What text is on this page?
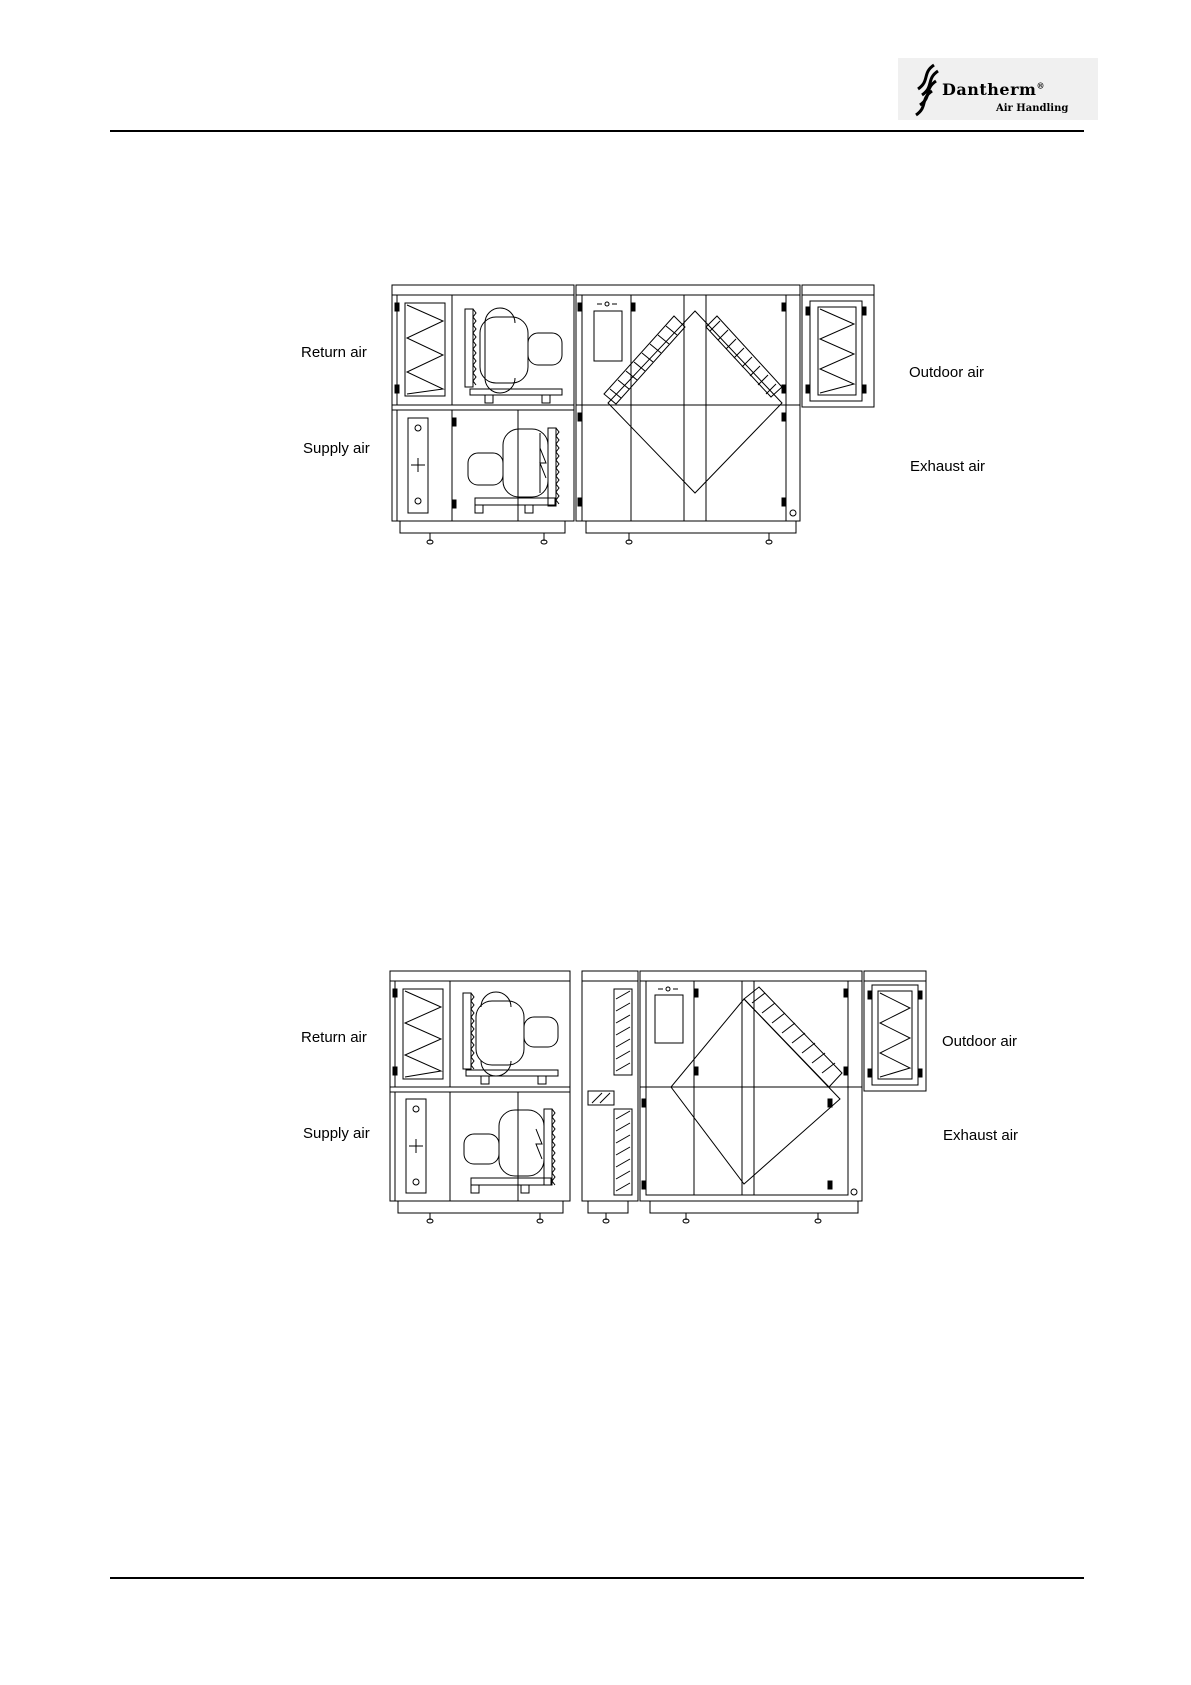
Dantherm®
Air Handling
Return air
Supply air
Outdoor air
Exhaust air
Return air
Supply air
Outdoor air
Exhaust air
